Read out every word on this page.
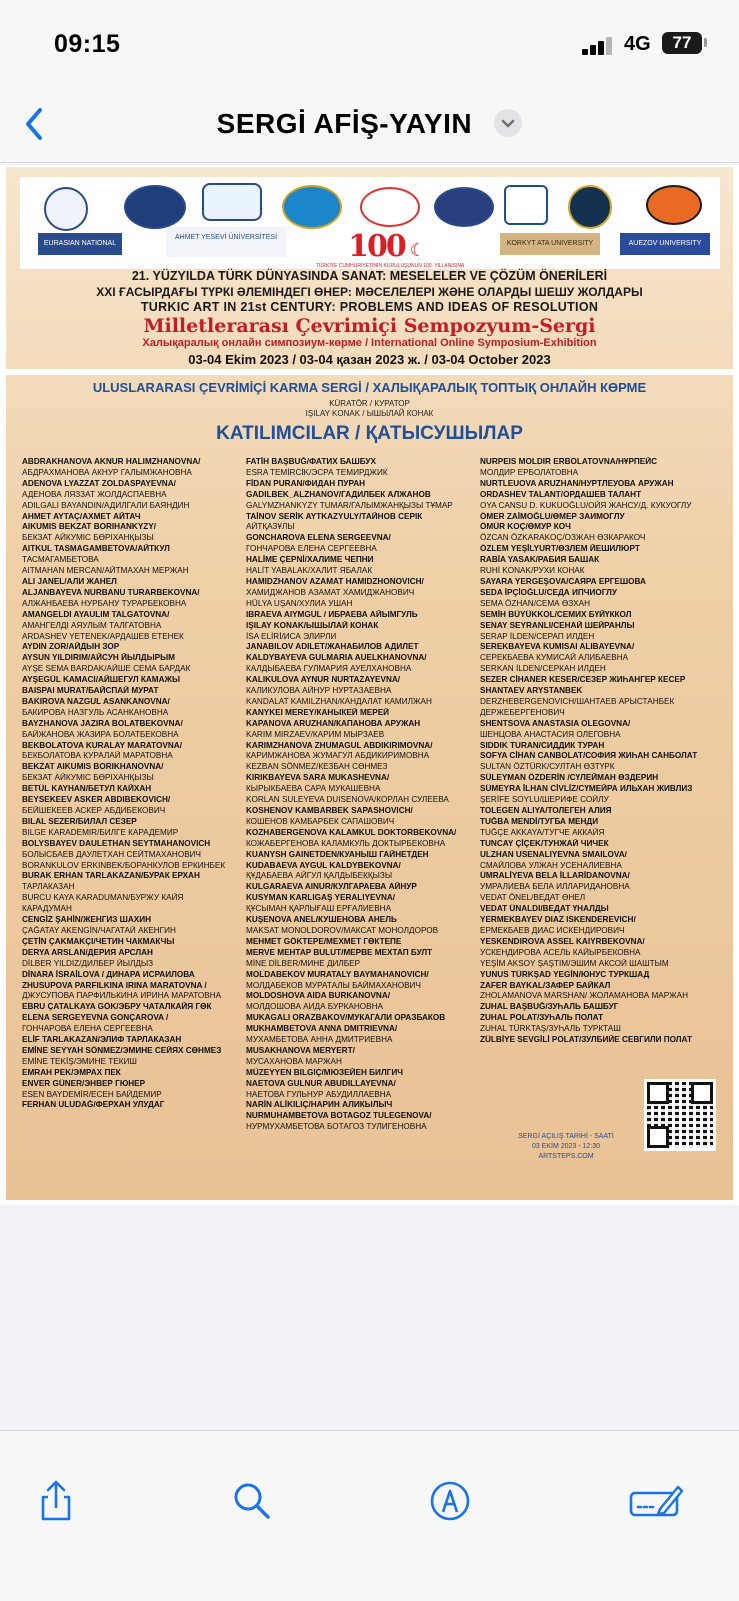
09:15	4G	77
SERGİ AFİŞ-YAYIN
EURASIAN NATIONAL UNIVERSITY
AHMET YESEVİ ÜNİVERSİTESİ	100 ☾	KORKYT ATA UNIVERSITY	AUEZOV UNIVERSITY
TÜRKİYE CUMHURİYETİNİN KURULUŞUNUN 100. YILI ANISINA
21. YÜZYILDA TÜRK DÜNYASINDA SANAT: MESELELER VE ÇÖZÜM ÖNERİLERİ
XXI ҒАСЫРДАҒЫ ТҮРКІ ӘЛЕМІНДЕГІ ӨНЕР: МӘСЕЛЕЛЕРІ ЖӘНЕ ОЛАРДЫ ШЕШУ ЖОЛДАРЫ
TURKIC ART IN 21st CENTURY: PROBLEMS AND IDEAS OF RESOLUTION
Milletlerarası Çevrimiçi Sempozyum-Sergi
Халықаралық онлайн симпозиум-көрме / International Online Symposium-Exhibition
03-04 Ekim 2023 / 03-04 қазан 2023 ж. / 03-04 October 2023
ULUSLARARASI ÇEVRİMİÇİ KARMA SERGİ / ХАЛЫҚАРАЛЫҚ ТОПТЫҚ ОНЛАЙН КӨРМЕ
KÜRATÖR / КУРАТОР
IŞILAY KONAK / ЫШЫЛАЙ КОНАК
KATILIMCILAR / ҚАТЫСУШЫЛАР
ABDRAKHANOVA AKNUR HALIMZHANOVNA/
АБДРАХМАНОВА АКНУР ГАЛЫМЖАНОВНА
ADENOVA LYAZZAT ZOLDASPAYEVNA/
АДЕНОВА ЛЯЗЗАТ ЖОЛДАСПАЕВНА
ADILGALI BAYANDIN/АДИЛГАЛИ БАЯНДИН
AHMET AYTAÇ/АХМЕТ АЙТАЧ
AIKUMIS BEKZAT BORIHANKYZY/
БЕКЗАТ АЙКУМІС БӨРІХАНҚЫЗЫ
AITKUL TASMAGAMBETOVA/АЙТКУЛ
ТАСМАГАМБЕТОВА
AITMAHAN MERCAN/АЙТМАХАН МЕРЖАН
ALI JANEL/АЛИ ЖАНЕЛ
ALJANBAYEVA NURBANU TURARBEKOVNA/
АЛЖАНБАЕВА НУРБАНУ ТУРАРБЕКОВНА
AMANGELDI AYAULIM TALGATOVNA/
АМАНГЕЛДІ АЯУЛЫМ ТАЛГАТОВНА
ARDASHEV YETENEK/АРДАШЕВ ЕТЕНЕК
AYDIN ZOR/АЙДЫН ЗОР
AYSUN YILDIRIM/АЙСУН ЙЫЛДЫРЫМ
AYŞE SEMA BARDAK/АЙШЕ СЕМА БАРДАК
AYŞEGÜL KAMACI/АЙШЕГУЛ КАМАЖЫ
BAISPAI MURAT/БАЙСПАЙ МУРАТ
BAKIROVA NAZGUL ASANKANOVNA/
БАКИРОВА НАЗГУЛЬ АСАНКАНОВНА
BAYZHANOVA JAZIRA BOLATBEKOVNA/
БАЙЖАНОВА ЖАЗИРА БОЛАТБЕКОВНА
BEKBOLATOVA KURALAY MARATOVNA/
БЕКБОЛАТОВА КУРАЛАЙ МАРАТОВНА
BEKZAT AIKUMIS BORIKHANOVNA/
БЕКЗАТ АЙКУМІС БӨРІХАНҚЫЗЫ
BETÜL KAYHAN/БЕТУЛ КАЙХАН
BEYSEKEEV ASKER ABDIBEKOVICH/
БЕЙШЕКЕЕВ АСКЕР АБДИБЕКОВИЧ
BILAL SEZER/БИЛАЛ СЕЗЕР
BILGE KARADEMIR/БИЛГЕ КАРАДЕМИР
BOLYSBAYEV DAULETHAN SEYTMAHANOVICH
БОЛЫСБАЕВ ДАУЛЕТХАН СЕЙТМАХАНОВИЧ
BORANKULOV ERKINBEK/БОРАНКУЛОВ ЕРКИНБЕК
BURAK ERHAN TARLAKAZAN/БУРАК ЕРХАН
ТАРЛАКАЗАН
BURCU KAYA KARADUMAN/БУРЖУ КАЙЯ
КАРАДУМАН
CENGİZ ŞAHİN/ЖЕНГИЗ ШАХИН
ÇAĞATAY AKENGİN/ЧАГАТАЙ АКЕНГИН
ÇETİN ÇAKMAKÇI/ЧЕТИН ЧАКМАКЧЫ
DERYA ARSLAN/ДЕРИЯ АРСЛАН
DİLBER YILDIZ/ДИЛБЕР ЙЫЛДЫЗ
DİNARA İSRAİLOVA / ДИНАРА ИСРАИЛОВА
ZHUSUPOVA PARFILKINA IRINA MARATOVNA /
ДЖУСУПОВА ПАРФИЛЬКИНА ИРИНА МАРАТОВНА
EBRU ÇATALKAYA GÖK/ЭБРУ ЧАТАЛКАЙЯ ГӨК
ELENA SERGEYEVNA GONÇAROVA /
ГОНЧАРОВА ЕЛЕНА СЕРГЕЕВНА
ELİF TARLAKAZAN/ЭЛИФ ТАРЛАКАЗАН
EMİNE SEYYAH SÖNMEZ/ЭМИНЕ СЕЙЯХ СӨНМЕЗ
EMİNE TEKİŞ/ЭМИНЕ ТЕКИШ
EMRAH PEK/ЭМРАХ ПЕК
ENVER GÜNER/ЭНВЕР ГЮНЕР
ESEN BAYDEMİR/ЕСЕН БАЙДЕМИР
FERHAN ULUDAĞ/ФЕРХАН УЛУДАГ
FATİH BAŞBUĞ/ФАТИХ БАШБУХ
ESRA TEMİRCİK/ЭСРА ТЕМИРДЖИК
FİDAN PURAN/ФИДАН ПУРАН
GADILBEK_ALZHANOV/ГАДИЛБЕК АЛЖАНОВ
GALYMZHANKYZY TUMAR/ГАЛЫМЖАНҚЫЗЫ ТҰМАР
TAİNOV SERİK AYTKAZYULY/ТАЙНОВ СЕРІК
АЙТҚАЗҰЛЫ
GONCHAROVA ELENA SERGEEVNA/
ГОНЧАРОВА ЕЛЕНА СЕРГЕЕВНА
HALİME ÇEPNİ/ХАЛИМЕ ЧЕПНИ
HALİT YABALAK/ХАЛИТ ЯБАЛАК
HAMIDZHANOV AZAMAT HAMIDZHONOVICH/
ХАМИДЖАНОВ АЗАМАТ ХАМИДЖАНОВИЧ
HÜLYA UŞAN/ХУЛИА УШАН
IBRAEVA AIYMGUL / ИБРАЕВА АЙЫМГУЛЬ
IŞILAY KONAK/ЫШЫЛАЙ КОНАК
İSA ELİRİ/ИСА ЭЛИРЛИ
JANABILOV ADILET/ЖАНАБИЛОВ АДИЛЕТ
KALDYBAYEVA GULMARIA AUELKHANOVNA/
КАЛДЫБАЕВА ГУЛМАРИЯ АУЕЛХАНОВНА
KALIKULOVA AYNUR NURTAZAYEVNA/
КАЛИКУЛОВА АЙНУР НУРТАЗАЕВНА
KANDALAT KAMILZHAN/КАНДАЛАТ КАМИЛЖАН
KANYKEI MEREY/КАНЫКЕЙ МЕРЕЙ
KAPANOVA ARUZHAN/КАПАНОВА АРУЖАН
KARIM MIRZAEV/КАРИМ МЫРЗАЕВ
KARIMZHANOVA ZHUMAGUL ABDIKIRIMOVNA/
КАРИМЖАНОВА ЖУМАГУЛ АБДИКИРИМОВНА
KEZBAN SÖNMEZ/КЕЗБАН СӨНМЕЗ
KIRIKBAYEVA SARA MUKASHEVNA/
КЫРЫКБАЕВА САРА МУКАШЕВНА
KORLAN SULEYEVA DUISENOVA/КОРЛАН СУЛЕЕВА
KOSHENOV KAMBARBEK SAPASHOVICH/
КОШЕНОВ КАМБАРБЕК САПАШОВИЧ
KOZHABERGENOVA KALAMKUL DOKTORBEKOVNA/
КОЖАБЕРГЕНОВА КАЛАМКУЛЬ ДОКТЫРБЕКОВНА
KUANYSH GAINETDEN/КУАНЫШ ГАЙНЕТДЕН
KUDABAEVA AYGUL KALDYBEKOVNA/
ҚҰДАБАЕВА АЙГУЛ ҚАЛДЫБЕКҚЫЗЫ
KULGARAEVA AINUR/КУЛГАРАЕВА АЙНУР
KUSYMAN KARLIGAŞ YERALIYEVNA/
ҚҰСЫМАН ҚАРЛЫҒАШ ЕРҒАЛИЕВНА
KUŞENOVA ANEL/КУШЕНОВА АНЕЛЬ
MAKSAT MONOLDOROV/МАКСАТ МОНОЛДОРОВ
MEHMET GÖKTEPE/МЕХМЕТ ГӨКТЕПЕ
MERVE MEHTAP BULUT/МЕРВЕ МЕХТАП БУЛТ
MİNE DİLBER/МИНЕ ДИЛБЕР
MOLDABEKOV MURATALY BAYMAHANOVICH/
МОЛДАБЕКОВ МУРАТАЛЫ БАЙМАХАНОВИЧ
MOLDOSHOVA AIDA BURKANOVNA/
МОЛДОШОВА АИДА БУРКАНОВНА
MUKAGALI ORAZBAKOV/МУКАГАЛИ ОРАЗБАКОВ
MUKHAMBETOVA ANNA DMITRIEVNA/
МУХАМБЕТОВА АННА ДМИТРИЕВНА
MUSAKHANOVA MERYERT/
МУСАХАНОВА МАРЖАН
MÜZEYYEN BILGIÇ/МЮЗЕЙЕН БИЛГИЧ
NAETOVA GULNUR ABUDILLAYEVNA/
НАЕТОВА ГУЛЬНУР АБУДИЛЛАЕВНА
NARİN ALİKILIÇ/НАРИН АЛИКЫЛЫЧ
NURMUHAMBETOVA BOTAGOZ TULEGENOVA/
НУРМУХАМБЕТОВА БОТАГОЗ ТУЛИГЕНОВНА
NURPEIS MOLDIR ERBOLATOVNA/НҰРПЕЙС
МОЛДИР ЕРБОЛАТОВНА
NURTLEUOVA ARUZHAN/НУРТЛЕУОВА АРУЖАН
ORDASHEV TALANT/ОРДАШЕВ ТАЛАНТ
OYA CANSU D. KUKUOĞLU/ОЙЯ ЖАНСУ/Д. КУКУОГЛУ
ÖMER ZAİMOĞLU/ӨМЕР ЗАИМОГЛУ
ÖMÜR KOÇ/ӨМУР КОЧ
ÖZCAN ÖZKARAKOÇ/ОЗЖАН ӨЗКАРАКОЧ
ÖZLEM YEŞİLYURT/ӨЗЛЕМ ЙЕШИЛЮРТ
RABİA YASAK/РАБИЯ БАШАК
RUHİ KONAK/РУХИ КОНАК
SAYARA YERGEŞOVA/САЯРА ЕРГЕШОВА
SEDA İPÇİOĞLU/СЕДА ИПЧИОГЛУ
SEMA ÖZHAN/СЕМА ӨЗХАН
SEMİH BÜYÜKKOL/СЕМИХ БҮЙҮККОЛ
SENAY SEYRANLI/СЕНАЙ ШЕЙРАНЛЫ
SERAP İLDEN/СЕРАП ИЛДЕН
SEREKBAYEVA KUMISAI ALIBAYEVNA/
СЕРЕКБАЕВА КУМИСАЙ АЛИБАЕВНА
SERKAN İLDEN/СЕРКАН ИЛДЕН
SEZER CİHANER KESER/СЕЗЕР ЖИҺАНГЕР КЕСЕР
SHANTAEV ARYSTANBEK
DERZHEBERGENOVICH/ШАНТАЕВ АРЫСТАНБЕК
ДЕРЖЕБЕРГЕНОВИЧ
SHENTSOVA ANASTASIA OLEGOVNA/
ШЕНЦОВА АНАСТАСИЯ ОЛЕГОВНА
SIDDIK TURAN/СИДДИК ТУРАН
SOFYA CİHAN CANBOLAT/СОФИЯ ЖИҺАН САНБОЛАТ
SULTAN ÖZTÜRK/СУЛТАН ӨЗТҮРК
SÜLEYMAN ÖZDERİN /СҮЛЕЙМАН ӨЗДЕРИН
SÜMEYRA İLHAN CİVLİZ/СҮМЕЙРА ИЛЬХАН ЖИВЛИЗ
ŞERİFE SOYLU/ШЕРИФЕ СОЙЛУ
TOLEGEN ALIYA/ТОЛЕГЕН АЛИЯ
TUĞBA MENDİ/ТУГБА МЕНДИ
TUĞÇE AKKAYA/ТУГЧЕ АККАЙЯ
TUNCAY ÇİÇEK/ТУНЖАЙ ЧИЧЕК
ULZHAN USENALIYEVNA SMAILOVA/
СМАЙЛОВА УЛЖАН УСЕНАЛИЕВНА
ÜMRALİYEVA BELA İLLARİDANOVNA/
УМРАЛИЕВА БЕЛА ИЛЛАРИДАНОВНА
VEDAT ÖNEL/ВЕДАТ ӨНЕЛ
VEDAT ÜNALDI/ВЕДАТ ҮНАЛДЫ
YERMEKBAYEV DIAZ ISKENDEREVICH/
ЕРМЕКБАЕВ ДИАС ИСКЕНДИРОВИЧ
YESKENDIROVA ASSEL KAIYRBEKOVNA/
УСКЕНДИРОВА АСЕЛЬ КАЙЫРБЕКОВНА
YEŞİM AKSOY ŞAŞTIM/ЭШИМ АКСОЙ ШАШТЫМ
YUNUS TÜRKŞAD YEGİN/ЮНУС ТУРКШАД
ZAFER BAYKAL/ЗАФЕР БАЙКАЛ
ZHOLAMANOVA MARSHAN/ ЖОЛАМАНОВА МАРЖАН
ZUHAL BAŞBUĞ/ЗУҺАЛЬ БАШБУГ
ZUHAL POLAT/ЗУҺАЛЬ ПОЛАТ
ZUHAL TÜRKTAŞ/ЗУҺАЛЬ ТУРКТАШ
ZÜLBİYE SEVGİLİ POLAT/ЗУЛБИЙЕ СЕВГИЛИ ПОЛАТ
SERGİ AÇILIŞ TARİHİ - SAATİ
03 EKİM 2023 - 12:30
ARTSTEPS.COM
